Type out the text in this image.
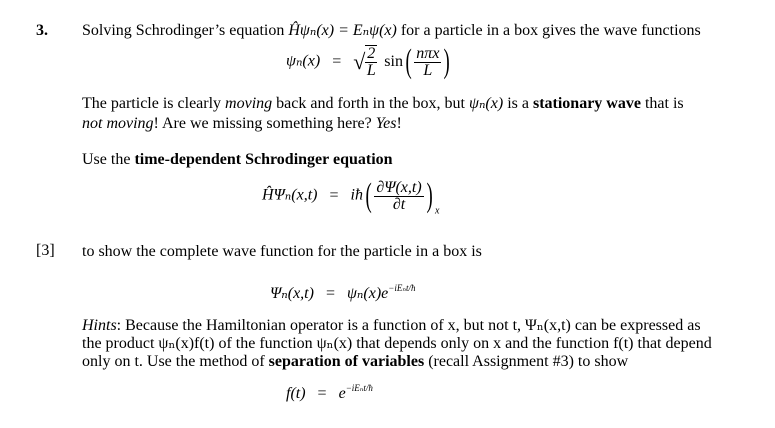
3.
[3]
Solving Schrodinger’s equation Ĥψₙ(x) = Eₙψ(x) for a particle in a box gives the wave functions
ψₙ(x) = √ $\frac{2}{L} \sin( \frac{\text{nπx}}{L}$ )
The particle is clearly moving back and forth in the box, but ψₙ(x) is a stationary wave that is
not moving! Are we missing something here? Yes!
Use the time-dependent Schrodinger equation
ĤΨₙ(x,t) = iħ( $\frac{\partial\Psi(x,t)}{\partial t}$ ) $_x$
to show the complete wave function for the particle in a box is
$\Psi_n(x,t) = \psi_n(x)e^{-iE_nt/ħ}$
Hints: Because the Hamiltonian operator is a function of x, but not t, Ψₙ(x,t) can be expressed as
the product ψₙ(x)f(t) of the function ψₙ(x) that depends only on x and the function f(t) that depend
only on t. Use the method of separation of variables (recall Assignment #3) to show
$f(t) = e^{-iE_nt/ħ}$
